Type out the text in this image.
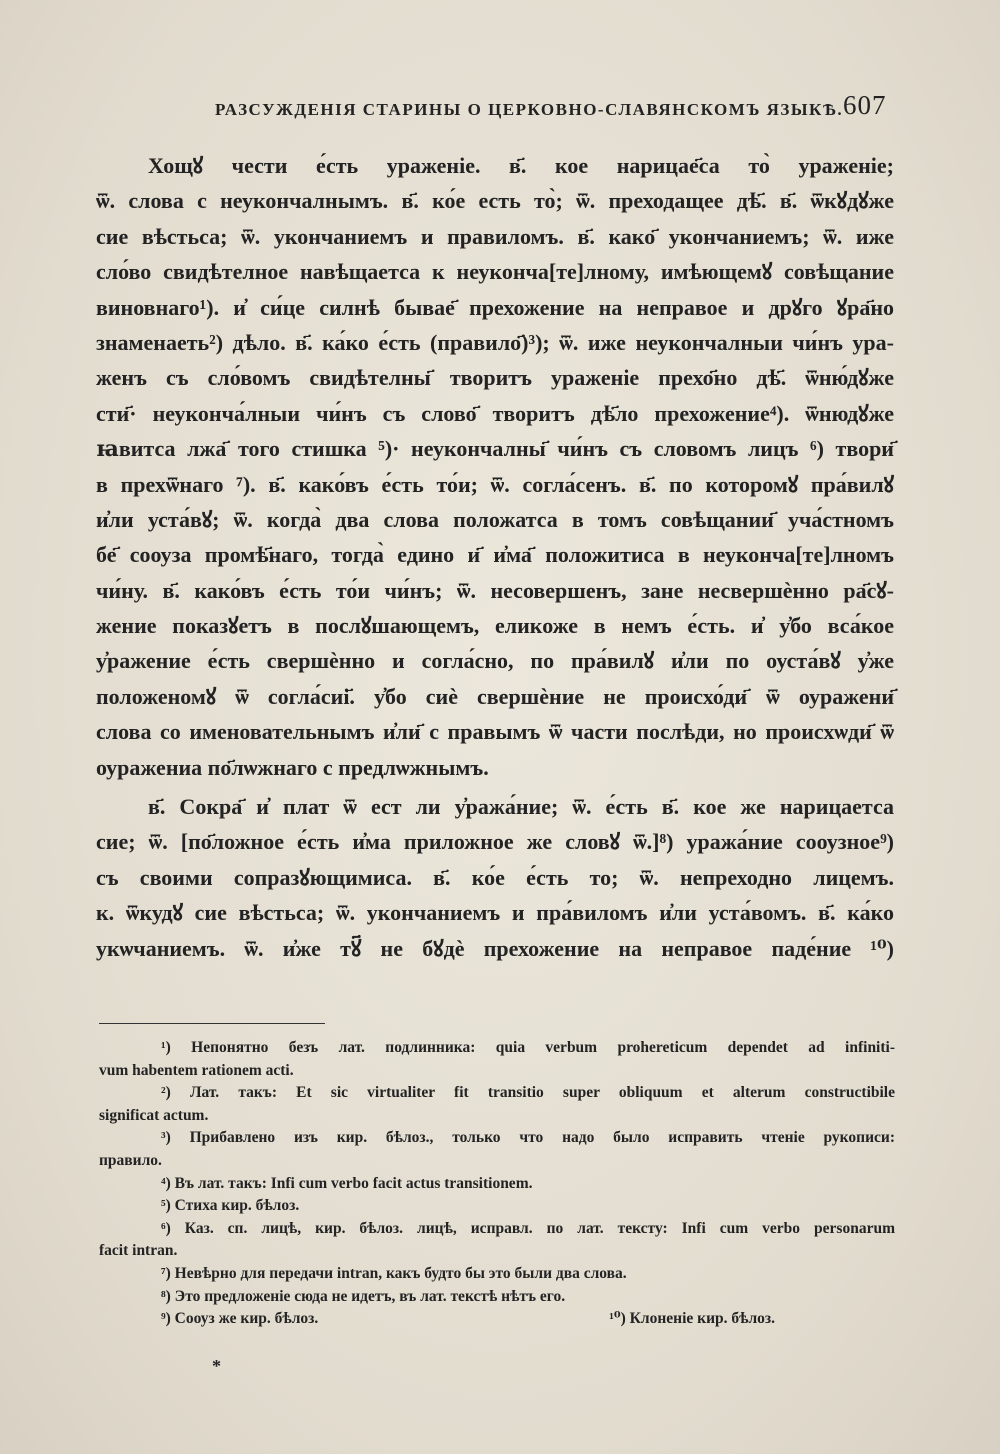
РАЗСУЖДЕНІЯ СТАРИНЫ О ЦЕРКОВНО-СЛАВЯНСКОМЪ ЯЗЫКѢ. 607
Хощꙋ чести е́сть ураженіе. в҃. кое нарицае҃са то̀ ураженіе;
ѿ. слова с неукончалнымъ. в҃. ко́е есть то̀; ѿ. преходащее дѣ҃. в҃. ѿкꙋдꙋже
сие вѣстьса; ѿ. укончаниемъ и правиломъ. в҃. како҃ укончаниемъ; ѿ. иже
сло́во свидѣтелное навѣщаетса к неуконча[те]лному, имѣющемꙋ совѣщание
виновнаго¹). и҆ си́це силнѣ бывае҃ прехожение на неправое и дрꙋго ꙋра҃но
знаменаеть²) дѣло. в҃. ка́ко е́сть (правило҃)³); ѿ. иже неукончалныи чи́нъ ура-
женъ съ сло́вомъ свидѣтелны҃ творитъ ураженіе прехо҃но дѣ҃. ѿню́дꙋже
сти҃· неуконча́лныи чи́нъ съ слово҃ творитъ дѣ҃ло прехожение⁴). ѿнюдꙋже
ꙗвитса лжа҃ того стишка ⁵)· неукончалны҃ чи́нъ съ словомъ лицъ ⁶) твори҃
в прехѿнаго ⁷). в҃. како́въ е́сть то́и; ѿ. согла́сенъ. в҃. по которомꙋ пра́вилꙋ
и҆ли уста́вꙋ; ѿ. когда̀ два слова положатса в томъ совѣщании҃ уча́стномъ
бе҃ сооуза промѣ҃наго, тогда̀ едино и҃ и҆ма҃ положитиса в неуконча[те]лномъ
чи́ну. в҃. како́въ е́сть то́и чи́нъ; ѿ. несовершенъ, зане несвершѐнно ра҃сꙋ-
жение показꙋетъ в послꙋшающемъ, еликоже в немъ е́сть. и҆ у҆бо вса́кое
у҆ражение е́сть свершѐнно и согла́сно, по пра́вилꙋ и҆ли по оуста́вꙋ у҆же
положеномꙋ ѿ согла́сиі҃. у҆бо сиѐ свершѐние не происхо́ди҃ ѿ оуражени҃
слова со именовательнымъ и҆ли҃ с правымъ ѿ части послѣди, но происхѡди҃ ѿ
оуражениа по҃лѡжнаго с предлѡжнымъ.
в҃. Сокра҃ и҆ плат ѿ ест ли у҆ража́ние; ѿ. е́сть в҃. кое же нарицаетса
сие; ѿ. [по҃ложное е́сть и҆ма приложное же словꙋ ѿ.]⁸) уража́ние сооузное⁹)
съ своими сопразꙋющимиса. в҃. ко́е е́сть то; ѿ. непреходно лицемъ.
к. ѿкудꙋ сие вѣстьса; ѿ. укончаниемъ и пра́виломъ и҆ли уста́вомъ. в҃. ка́ко
укѡчаниемъ. ѿ. и҆же тꙋ҃ не бꙋдѐ прехожение на неправое паде́ние ¹⁰)
¹) Непонятно безъ лат. подлинника: quia verbum prohereticum dependet ad infiniti-
vum habentem rationem acti.
²) Лат. такъ: Et sic virtualiter fit transitio super obliquum et alterum constructibile
significat actum.
³) Прибавлено изъ кир. бѣлоз., только что надо было исправить чтеніе рукописи:
правило.
⁴) Въ лат. такъ: Infi cum verbo facit actus transitionem.
⁵) Стиха кир. бѣлоз.
⁶) Каз. сп. лицѣ, кир. бѣлоз. лицѣ, исправл. по лат. тексту: Infi cum verbo personarum
facit intran.
⁷) Невѣрно для передачи intran, какъ будто бы это были два слова.
⁸) Это предложеніе сюда не идетъ, въ лат. текстѣ нѣтъ его.
⁹) Сооуз же кир. бѣлоз.	¹⁰) Клоненіе кир. бѣлоз.
*
